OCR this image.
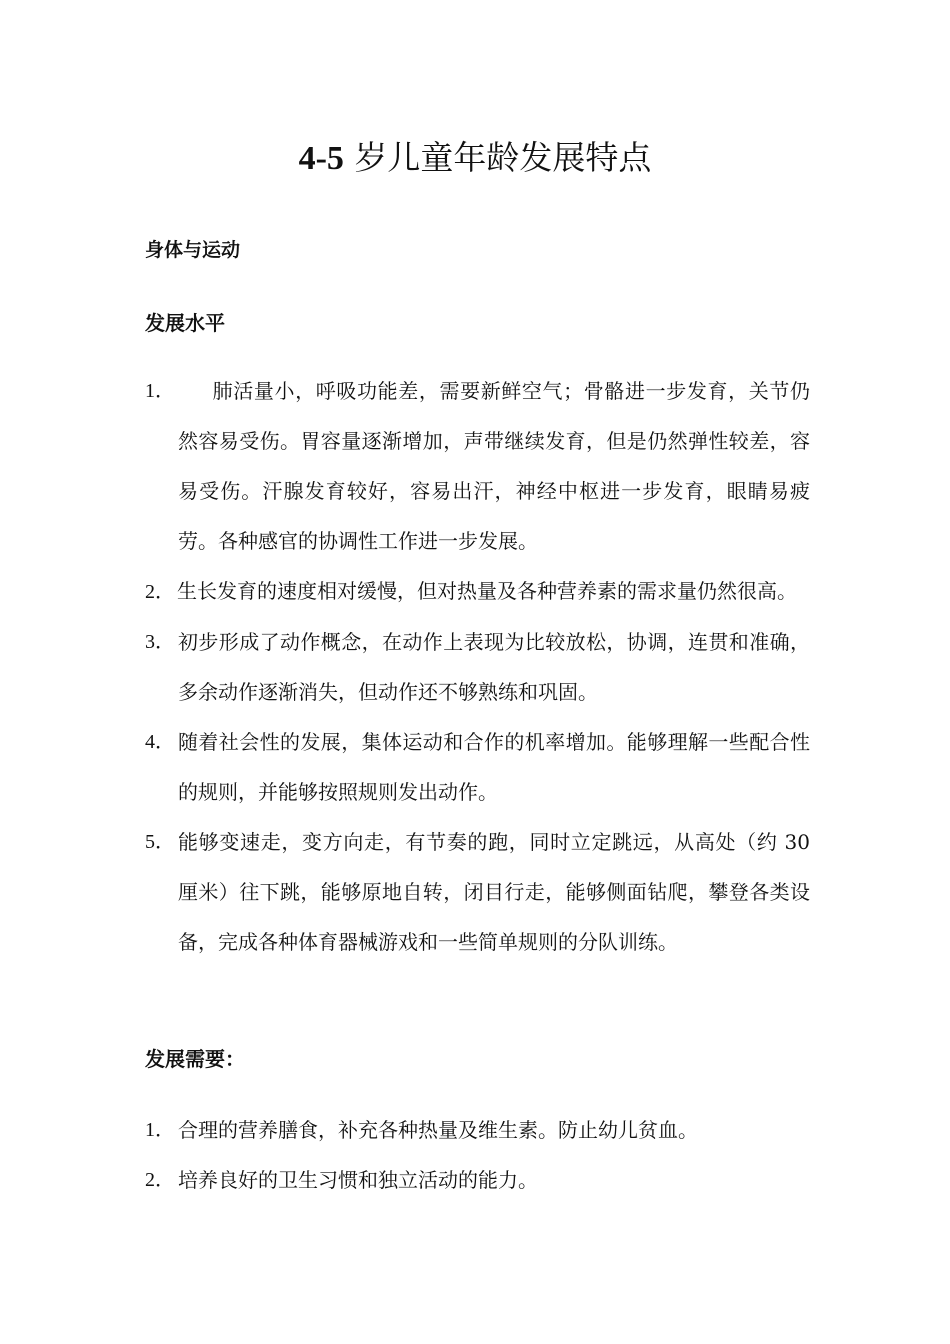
4-5 岁儿童年龄发展特点
身体与运动
发展水平
1． 肺活量小，呼吸功能差，需要新鲜空气；骨骼进一步发育，关节仍然容易受伤。胃容量逐渐增加，声带继续发育，但是仍然弹性较差，容易受伤。汗腺发育较好，容易出汗，神经中枢进一步发育，眼睛易疲劳。各种感官的协调性工作进一步发展。
2． 生长发育的速度相对缓慢，但对热量及各种营养素的需求量仍然很高。
3． 初步形成了动作概念，在动作上表现为比较放松，协调，连贯和准确，多余动作逐渐消失，但动作还不够熟练和巩固。
4． 随着社会性的发展，集体运动和合作的机率增加。能够理解一些配合性的规则，并能够按照规则发出动作。
5． 能够变速走，变方向走，有节奏的跑，同时立定跳远，从高处（约 30 厘米）往下跳，能够原地自转，闭目行走，能够侧面钻爬，攀登各类设备，完成各种体育器械游戏和一些简单规则的分队训练。
发展需要：
1． 合理的营养膳食，补充各种热量及维生素。防止幼儿贫血。
2． 培养良好的卫生习惯和独立活动的能力。
